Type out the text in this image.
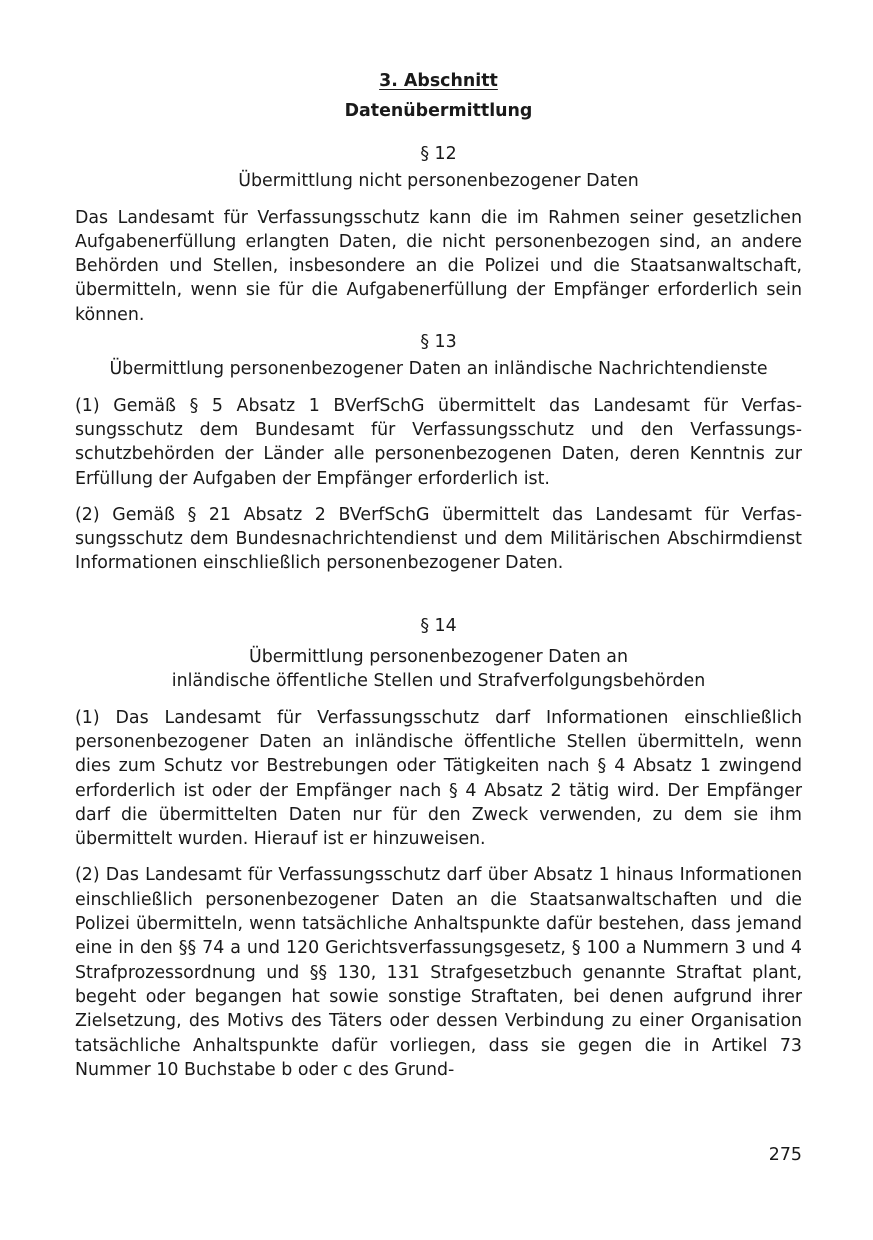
3. Abschnitt
Datenübermittlung
§ 12
Übermittlung nicht personenbezogener Daten

Das Landesamt für Verfassungsschutz kann die im Rahmen seiner gesetzlichen Aufgabenerfüllung erlangten Daten, die nicht personenbezogen sind, an andere Behörden und Stellen, insbesondere an die Polizei und die Staatsanwaltschaft, übermitteln, wenn sie für die Aufgabenerfüllung der Empfänger erforderlich sein können.

§ 13
Übermittlung personenbezogener Daten an inländische Nachrichtendienste

(1) Gemäß § 5 Absatz 1 BVerfSchG übermittelt das Landesamt für Verfassungsschutz dem Bundesamt für Verfassungsschutz und den Verfassungsschutzbehörden der Länder alle personenbezogenen Daten, deren Kenntnis zur Erfüllung der Aufgaben der Empfänger erforderlich ist.

(2) Gemäß § 21 Absatz 2 BVerfSchG übermittelt das Landesamt für Verfassungsschutz dem Bundesnachrichtendienst und dem Militärischen Abschirmdienst Informationen einschließlich personenbezogener Daten.

§ 14
Übermittlung personenbezogener Daten an
inländische öffentliche Stellen und Strafverfolgungsbehörden

(1) Das Landesamt für Verfassungsschutz darf Informationen einschließlich personenbezogener Daten an inländische öffentliche Stellen übermitteln, wenn dies zum Schutz vor Bestrebungen oder Tätigkeiten nach § 4 Absatz 1 zwingend erforderlich ist oder der Empfänger nach § 4 Absatz 2 tätig wird. Der Empfänger darf die übermittelten Daten nur für den Zweck verwenden, zu dem sie ihm übermittelt wurden. Hierauf ist er hinzuweisen.

(2) Das Landesamt für Verfassungsschutz darf über Absatz 1 hinaus Informationen einschließlich personenbezogener Daten an die Staatsanwaltschaften und die Polizei übermitteln, wenn tatsächliche Anhaltspunkte dafür bestehen, dass jemand eine in den §§ 74 a und 120 Gerichtsverfassungsgesetz, § 100 a Nummern 3 und 4 Strafprozessordnung und §§ 130, 131 Strafgesetzbuch genannte Straftat plant, begeht oder begangen hat sowie sonstige Straftaten, bei denen aufgrund ihrer Zielsetzung, des Motivs des Täters oder dessen Verbindung zu einer Organisation tatsächliche Anhaltspunkte dafür vorliegen, dass sie gegen die in Artikel 73 Nummer 10 Buchstabe b oder c des Grund-

275
